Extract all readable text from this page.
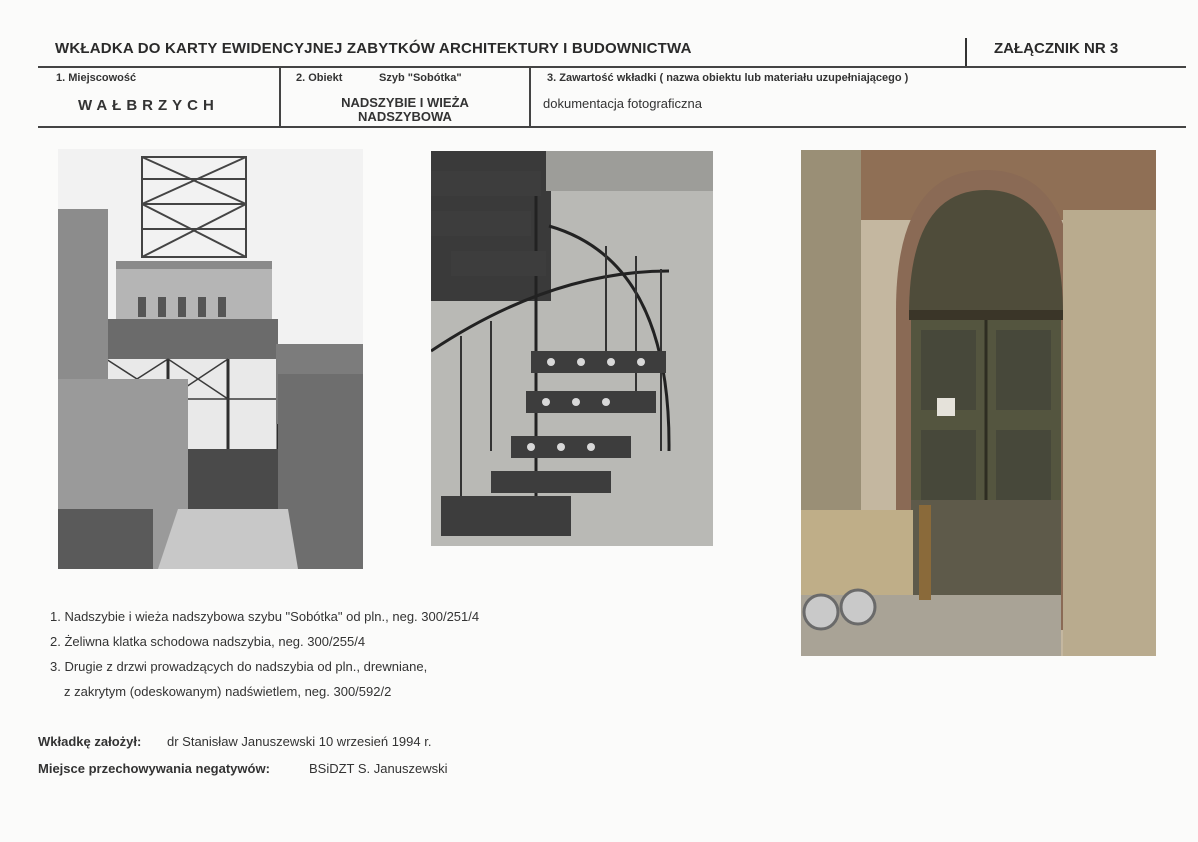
WKŁADKA DO KARTY EWIDENCYJNEJ ZABYTKÓW ARCHITEKTURY I BUDOWNICTWA	ZAŁĄCZNIK NR 3
1. Miejscowość
WAŁBRZYCH
2. Obiekt	Szyb "Sobótka"
NADSZYBIE I WIEŻA NADSZYBOWA
3. Zawartość wkładki ( nazwa obiektu lub materiału uzupełniającego )
dokumentacja fotograficzna
1. Nadszybie i wieża nadszybowa szybu "Sobótka" od pln., neg. 300/251/4
2. Żeliwna klatka schodowa nadszybia, neg. 300/255/4
3. Drugie z drzwi prowadzących do nadszybia od pln., drewniane,
z zakrytym (odeskowanym) nadświetlem, neg. 300/592/2
Wkładkę założył: dr Stanisław Januszewski 10 wrzesień 1994 r.
Miejsce przechowywania negatywów:	BSiDZT S. Januszewski
